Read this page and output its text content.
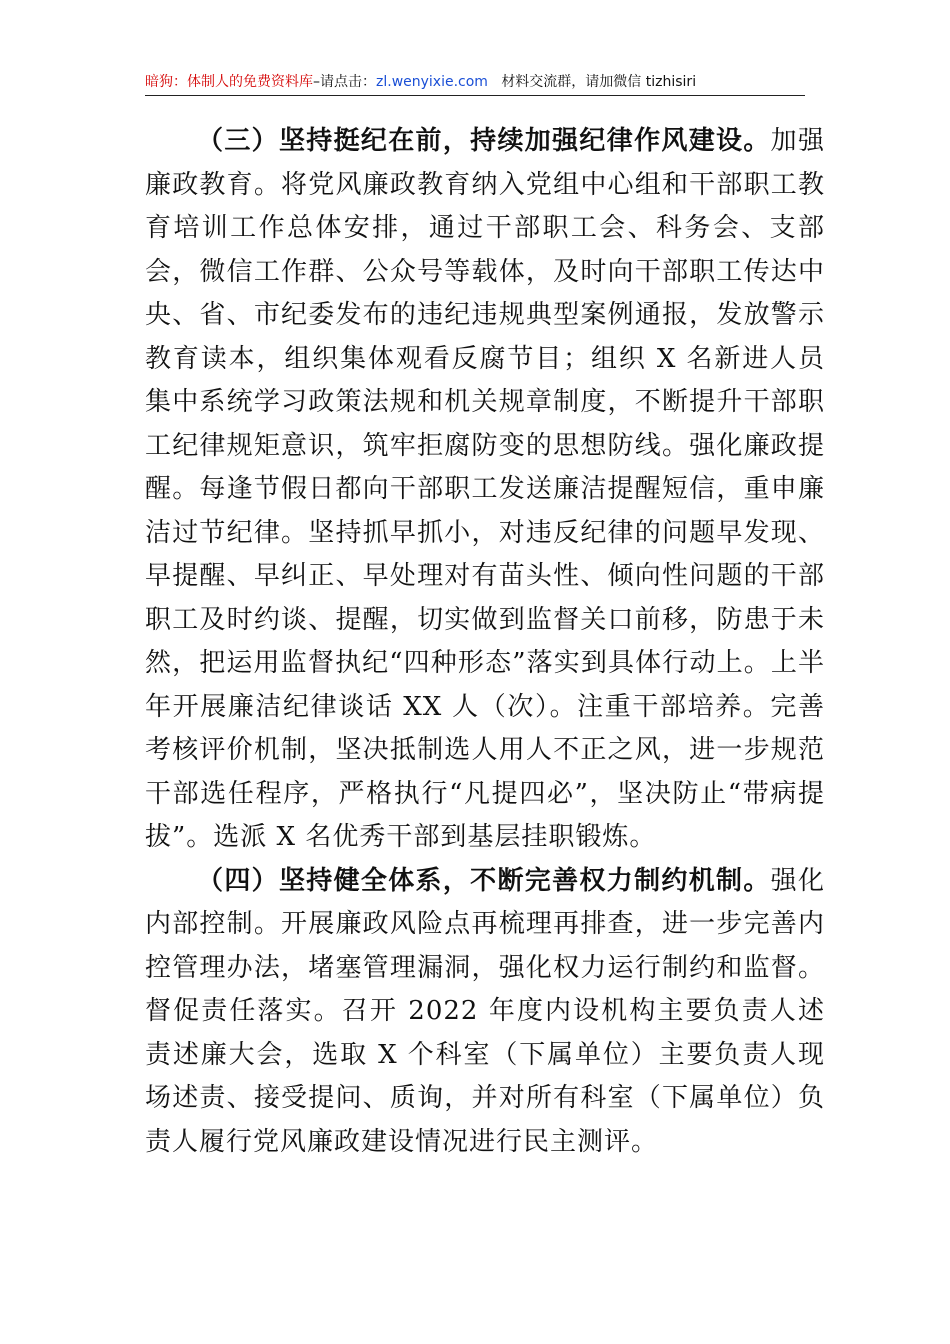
暗狗：体制人的免费资料库–请点击：zl.wenyixie.com 材料交流群，请加微信 tizhisiri

（三）坚持挺纪在前，持续加强纪律作风建设。加强廉政教育。将党风廉政教育纳入党组中心组和干部职工教育培训工作总体安排，通过干部职工会、科务会、支部会，微信工作群、公众号等载体，及时向干部职工传达中央、省、市纪委发布的违纪违规典型案例通报，发放警示教育读本，组织集体观看反腐节目；组织 X 名新进人员集中系统学习政策法规和机关规章制度，不断提升干部职工纪律规矩意识，筑牢拒腐防变的思想防线。强化廉政提醒。每逢节假日都向干部职工发送廉洁提醒短信，重申廉洁过节纪律。坚持抓早抓小，对违反纪律的问题早发现、早提醒、早纠正、早处理对有苗头性、倾向性问题的干部职工及时约谈、提醒，切实做到监督关口前移，防患于未然，把运用监督执纪“四种形态”落实到具体行动上。上半年开展廉洁纪律谈话 XX 人（次）。注重干部培养。完善考核评价机制，坚决抵制选人用人不正之风，进一步规范干部选任程序，严格执行“凡提四必”，坚决防止“带病提拔”。选派 X 名优秀干部到基层挂职锻炼。

（四）坚持健全体系，不断完善权力制约机制。强化内部控制。开展廉政风险点再梳理再排查，进一步完善内控管理办法，堵塞管理漏洞，强化权力运行制约和监督。督促责任落实。召开 2022 年度内设机构主要负责人述责述廉大会，选取 X 个科室（下属单位）主要负责人现场述责、接受提问、质询，并对所有科室（下属单位）负责人履行党风廉政建设情况进行民主测评。
